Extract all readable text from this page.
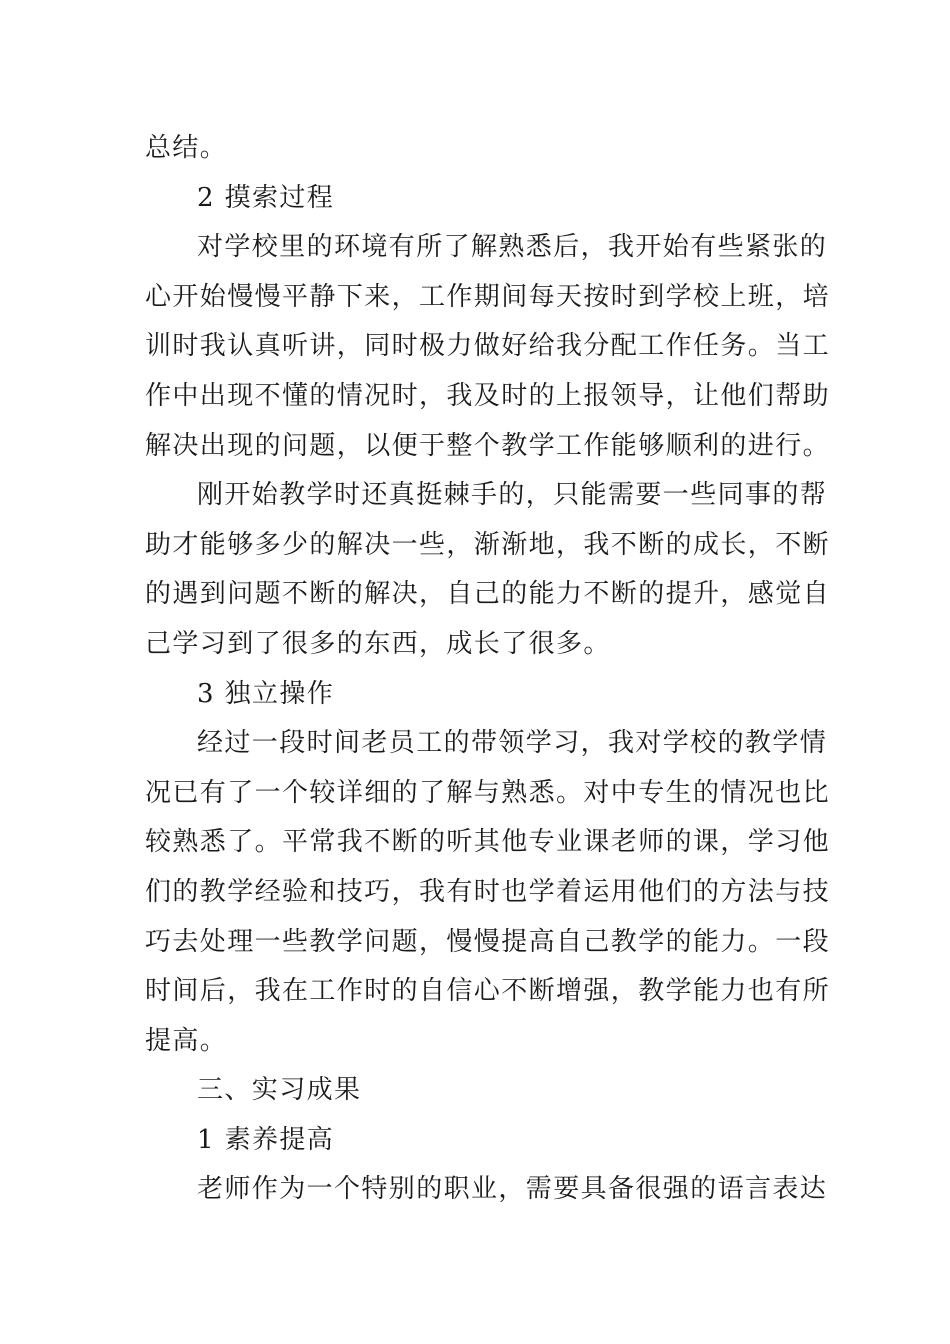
总结。
2 摸索过程
对学校里的环境有所了解熟悉后，我开始有些紧张的
心开始慢慢平静下来，工作期间每天按时到学校上班，培
训时我认真听讲，同时极力做好给我分配工作任务。当工
作中出现不懂的情况时，我及时的上报领导，让他们帮助
解决出现的问题，以便于整个教学工作能够顺利的进行。
刚开始教学时还真挺棘手的，只能需要一些同事的帮
助才能够多少的解决一些，渐渐地，我不断的成长，不断
的遇到问题不断的解决，自己的能力不断的提升，感觉自
己学习到了很多的东西，成长了很多。
3 独立操作
经过一段时间老员工的带领学习，我对学校的教学情
况已有了一个较详细的了解与熟悉。对中专生的情况也比
较熟悉了。平常我不断的听其他专业课老师的课，学习他
们的教学经验和技巧，我有时也学着运用他们的方法与技
巧去处理一些教学问题，慢慢提高自己教学的能力。一段
时间后，我在工作时的自信心不断增强，教学能力也有所
提高。
三、实习成果
1 素养提高
老师作为一个特别的职业，需要具备很强的语言表达
